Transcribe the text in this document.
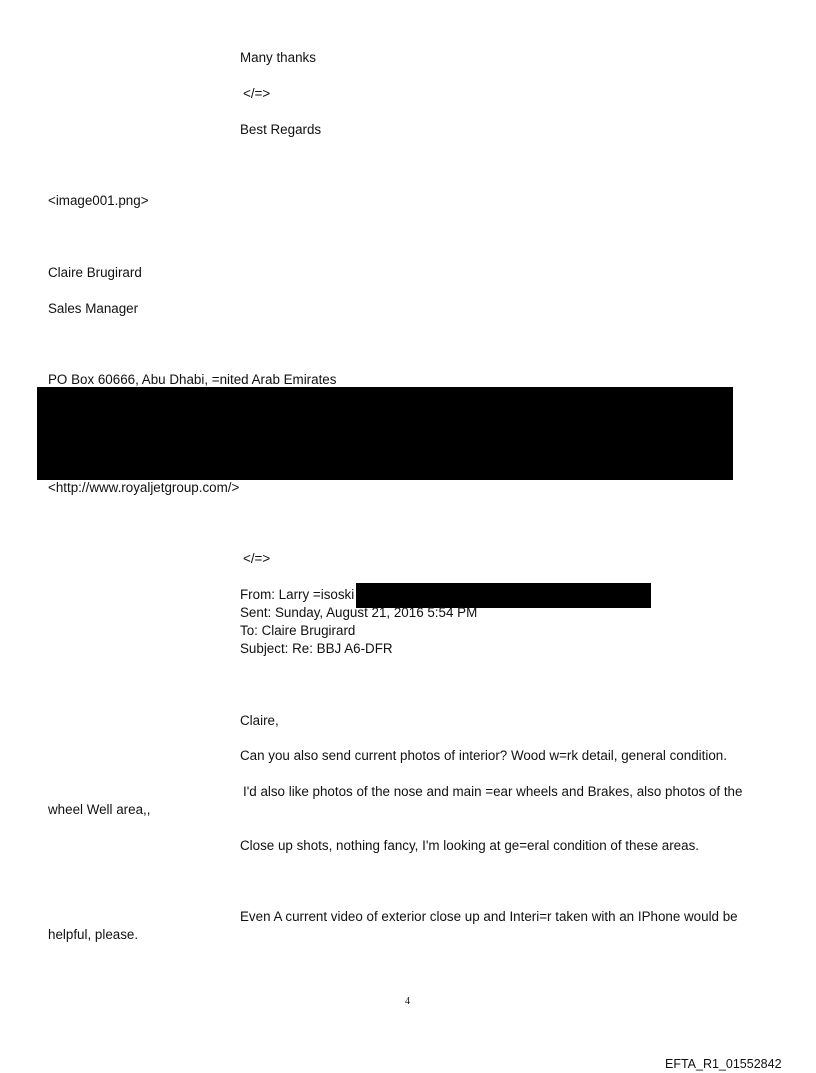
Many thanks
</=>
Best Regards
<image001.png>
Claire Brugirard
Sales Manager
PO Box 60666, Abu Dhabi, =nited Arab Emirates
<http://www.royaljetgroup.com/>
</=>
From: Larry =isoski
Sent: Sunday, August 21, 2016 5:54 PM
To: Claire Brugirard
Subject: Re: BBJ A6-DFR
Claire,
Can you also send current photos of interior? Wood w=rk detail, general condition.
I'd also like photos of the nose and main =ear wheels and Brakes, also photos of the
wheel Well area,,
Close up shots, nothing fancy, I'm looking at ge=eral condition of these areas.
Even A current video of exterior close up and Interi=r taken with an IPhone would be
helpful, please.
4
EFTA_R1_01552842
